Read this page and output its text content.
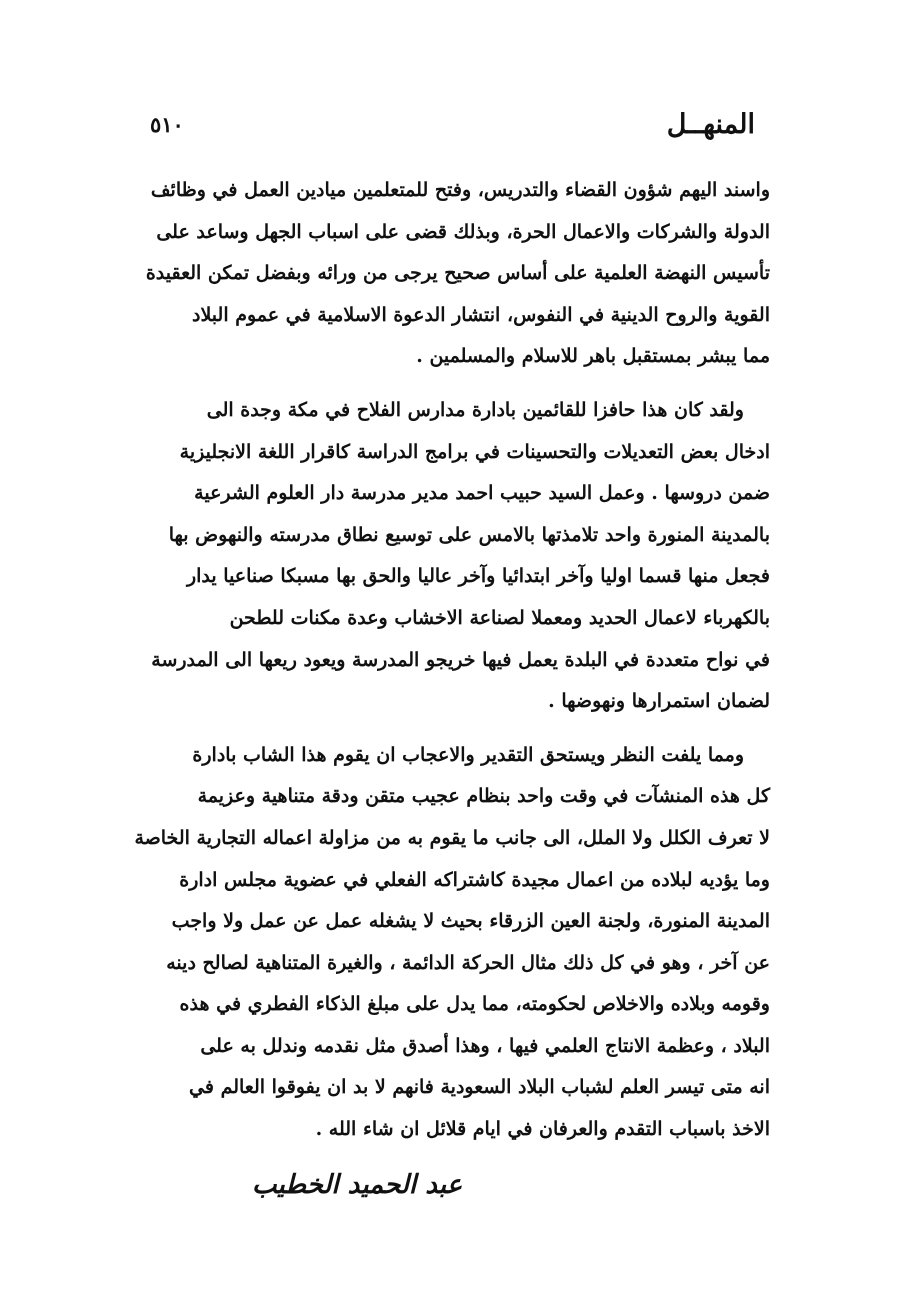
٥١٠	المنهــل
واسند اليهم شؤون القضاء والتدريس، وفتح للمتعلمين ميادين العمل في وظائف
الدولة والشركات والاعمال الحرة، وبذلك قضى على اسباب الجهل وساعد على
تأسيس النهضة العلمية على أساس صحيح يرجى من ورائه وبفضل تمكن العقيدة
القوية والروح الدينية في النفوس، انتشار الدعوة الاسلامية في عموم البلاد
مما يبشر بمستقبل باهر للاسلام والمسلمين .
ولقد كان هذا حافزا للقائمين بادارة مدارس الفلاح في مكة وجدة الى
ادخال بعض التعديلات والتحسينات في برامج الدراسة كاقرار اللغة الانجليزية
ضمن دروسها . وعمل السيد حبيب احمد مدير مدرسة دار العلوم الشرعية
بالمدينة المنورة واحد تلامذتها بالامس على توسيع نطاق مدرسته والنهوض بها
فجعل منها قسما اوليا وآخر ابتدائيا وآخر عاليا والحق بها مسبكا صناعيا يدار
بالكهرباء لاعمال الحديد ومعملا لصناعة الاخشاب وعدة مكنات للطحن
في نواح متعددة في البلدة يعمل فيها خريجو المدرسة ويعود ريعها الى المدرسة
لضمان استمرارها ونهوضها .
ومما يلفت النظر ويستحق التقدير والاعجاب ان يقوم هذا الشاب بادارة
كل هذه المنشآت في وقت واحد بنظام عجيب متقن ودقة متناهية وعزيمة
لا تعرف الكلل ولا الملل، الى جانب ما يقوم به من مزاولة اعماله التجارية الخاصة
وما يؤديه لبلاده من اعمال مجيدة كاشتراكه الفعلي في عضوية مجلس ادارة
المدينة المنورة، ولجنة العين الزرقاء بحيث لا يشغله عمل عن عمل ولا واجب
عن آخر ، وهو في كل ذلك مثال الحركة الدائمة ، والغيرة المتناهية لصالح دينه
وقومه وبلاده والاخلاص لحكومته، مما يدل على مبلغ الذكاء الفطري في هذه
البلاد ، وعظمة الانتاج العلمي فيها ، وهذا أصدق مثل نقدمه وندلل به على
انه متى تيسر العلم لشباب البلاد السعودية فانهم لا بد ان يفوقوا العالم في
الاخذ باسباب التقدم والعرفان في ايام قلائل ان شاء الله .
عبد الحميد الخطيب
